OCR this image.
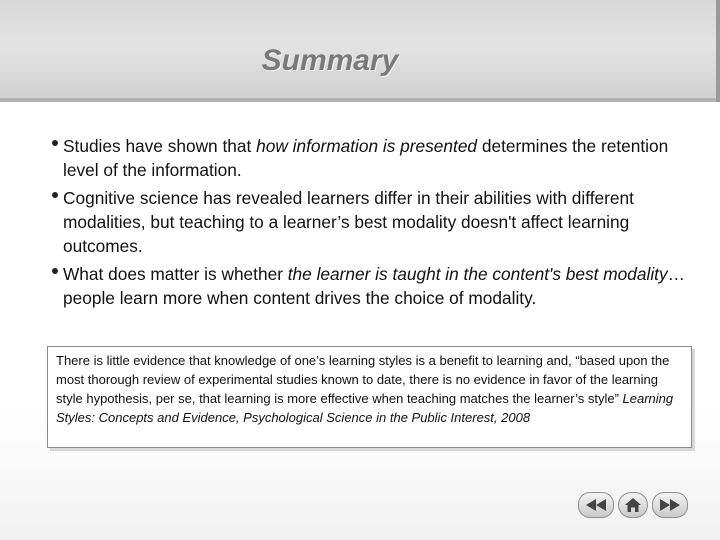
Summary
Studies have shown that how information is presented determines the retention level of the information.
Cognitive science has revealed learners differ in their abilities with different modalities, but teaching to a learner’s best modality doesn't affect learning outcomes.
What does matter is whether the learner is taught in the content's best modality…people learn more when content drives the choice of modality.
There is little evidence that knowledge of one’s learning styles is a benefit to learning and, “based upon the most thorough review of experimental studies known to date, there is no evidence in favor of the learning style hypothesis, per se, that learning is more effective when teaching matches the learner’s style” Learning Styles: Concepts and Evidence, Psychological Science in the Public Interest, 2008
